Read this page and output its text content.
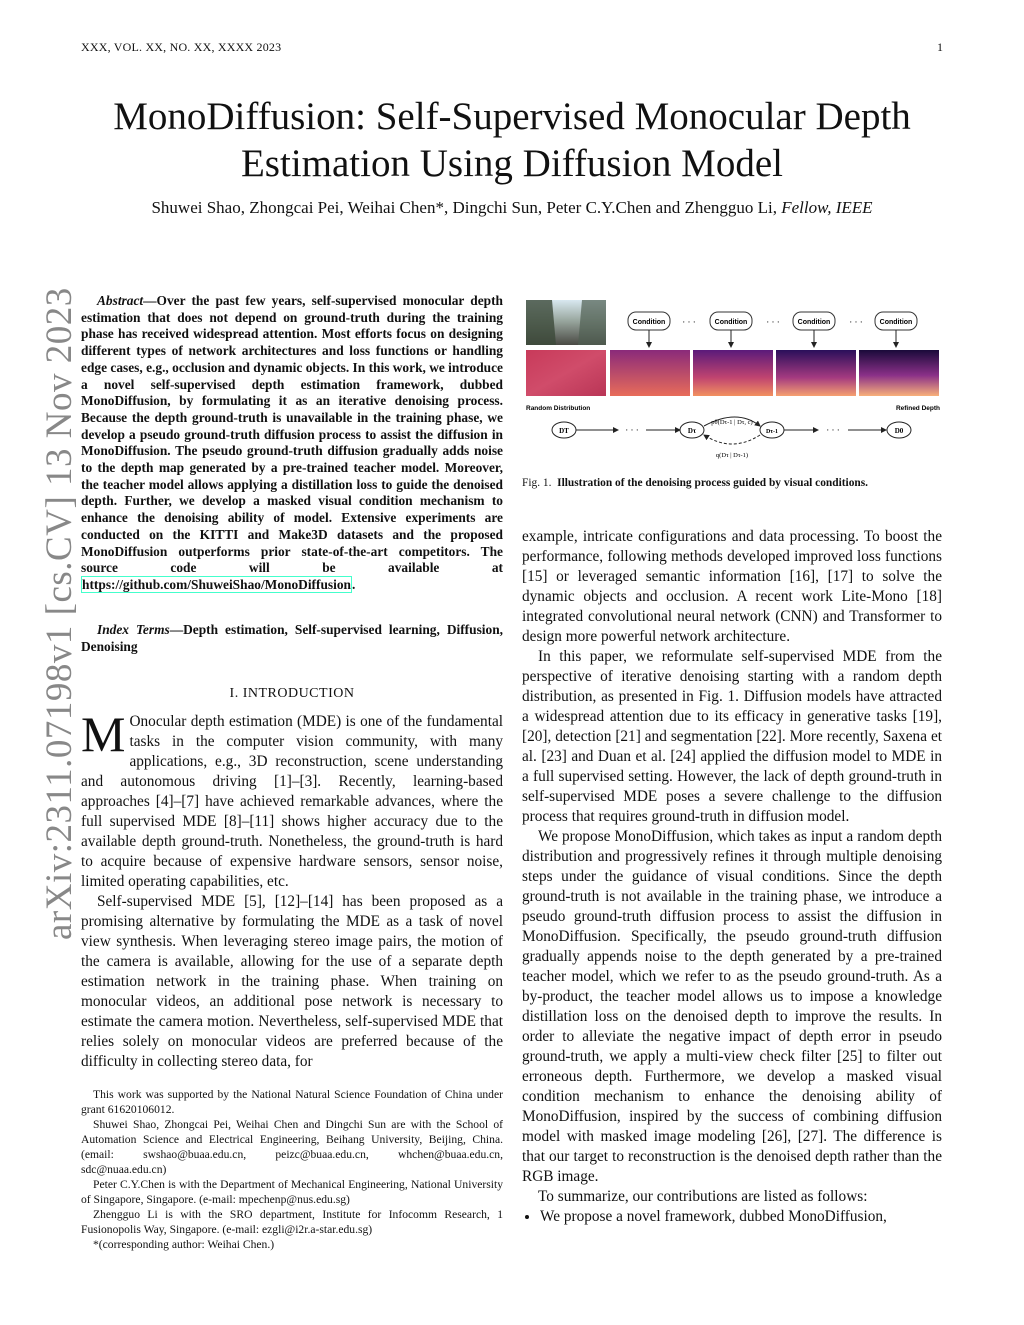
XXX, VOL. XX, NO. XX, XXXX 2023	1
MonoDiffusion: Self-Supervised Monocular Depth
Estimation Using Diffusion Model
Shuwei Shao, Zhongcai Pei, Weihai Chen*, Dingchi Sun, Peter C.Y.Chen and Zhengguo Li, Fellow, IEEE
arXiv:2311.07198v1 [cs.CV] 13 Nov 2023	Abstract—Over the past few years, self-supervised monocular depth estimation that does not depend on ground-truth during the training phase has received widespread attention. Most efforts focus on designing different types of network architectures and loss functions or handling edge cases, e.g., occlusion and dynamic objects. In this work, we introduce a novel self-supervised depth estimation framework, dubbed MonoDiffusion, by formulating it as an iterative denoising process. Because the depth ground-truth is unavailable in the training phase, we develop a pseudo ground-truth diffusion process to assist the diffusion in MonoDiffusion. The pseudo ground-truth diffusion gradually adds noise to the depth map generated by a pre-trained teacher model. Moreover, the teacher model allows applying a distillation loss to guide the denoised depth. Further, we develop a masked visual condition mechanism to enhance the denoising ability of model. Extensive experiments are conducted on the KITTI and Make3D datasets and the proposed MonoDiffusion outperforms prior state-of-the-art competitors. The source code will be available at https://github.com/ShuweiShao/MonoDiffusion.
Index Terms—Depth estimation, Self-supervised learning, Diffusion, Denoising
I. INTRODUCTION

M Onocular depth estimation (MDE) is one of the fundamental tasks in the computer vision community, with many applications, e.g., 3D reconstruction, scene understanding and autonomous driving [1]–[3]. Recently, learning-based approaches [4]–[7] have achieved remarkable advances, where the full supervised MDE [8]–[11] shows higher accuracy due to the available depth ground-truth. Nonetheless, the ground-truth is hard to acquire because of expensive hardware sensors, sensor noise, limited operating capabilities, etc.

Self-supervised MDE [5], [12]–[14] has been proposed as a promising alternative by formulating the MDE as a task of novel view synthesis. When leveraging stereo image pairs, the motion of the camera is available, allowing for the use of a separate depth estimation network in the training phase. When training on monocular videos, an additional pose network is necessary to estimate the camera motion. Nevertheless, self-supervised MDE that relies solely on monocular videos are preferred because of the difficulty in collecting stereo data, for

This work was supported by the National Natural Science Foundation of China under grant 61620106012.

Shuwei Shao, Zhongcai Pei, Weihai Chen and Dingchi Sun are with the School of Automation Science and Electrical Engineering, Beihang University, Beijing, China. (email: swshao@buaa.edu.cn, peizc@buaa.edu.cn, whchen@buaa.edu.cn, sdc@nuaa.edu.cn)

Peter C.Y.Chen is with the Department of Mechanical Engineering, National University of Singapore, Singapore. (e-mail: mpechenp@nus.edu.sg)

Zhengguo Li is with the SRO department, Institute for Infocomm Research, 1 Fusionopolis Way, Singapore. (e-mail: ezgli@i2r.a-star.edu.sg)

*(corresponding author: Weihai Chen.)

Condition · · ·	Condition · · ·	Condition · · · Condition
Random Distribution	Refined Depth
DT	· · ·	Dτ
pθ(Dτ-1 | Dτ, c)
q(Dτ | Dτ-1)
Dτ-1	· · ·	D0
Fig. 1. Illustration of the denoising process guided by visual conditions.

example, intricate configurations and data processing. To boost the performance, following methods developed improved loss functions [15] or leveraged semantic information [16], [17] to solve the dynamic objects and occlusion. A recent work Lite-Mono [18] integrated convolutional neural network (CNN) and Transformer to design more powerful network architecture.

In this paper, we reformulate self-supervised MDE from the perspective of iterative denoising starting with a random depth distribution, as presented in Fig. 1. Diffusion models have attracted a widespread attention due to its efficacy in generative tasks [19], [20], detection [21] and segmentation [22]. More recently, Saxena et al. [23] and Duan et al. [24] applied the diffusion model to MDE in a full supervised setting. However, the lack of depth ground-truth in self-supervised MDE poses a severe challenge to the diffusion process that requires ground-truth in diffusion model.

We propose MonoDiffusion, which takes as input a random depth distribution and progressively refines it through multiple denoising steps under the guidance of visual conditions. Since the depth ground-truth is not available in the training phase, we introduce a pseudo ground-truth diffusion process to assist the diffusion in MonoDiffusion. Specifically, the pseudo ground-truth diffusion gradually appends noise to the depth generated by a pre-trained teacher model, which we refer to as the pseudo ground-truth. As a by-product, the teacher model allows us to impose a knowledge distillation loss on the denoised depth to improve the results. In order to alleviate the negative impact of depth error in pseudo ground-truth, we apply a multi-view check filter [25] to filter out erroneous depth. Furthermore, we develop a masked visual condition mechanism to enhance the denoising ability of MonoDiffusion, inspired by the success of combining diffusion model with masked image modeling [26], [27]. The difference is that our target to reconstruction is the denoised depth rather than the RGB image.

To summarize, our contributions are listed as follows:

• We propose a novel framework, dubbed MonoDiffusion,
